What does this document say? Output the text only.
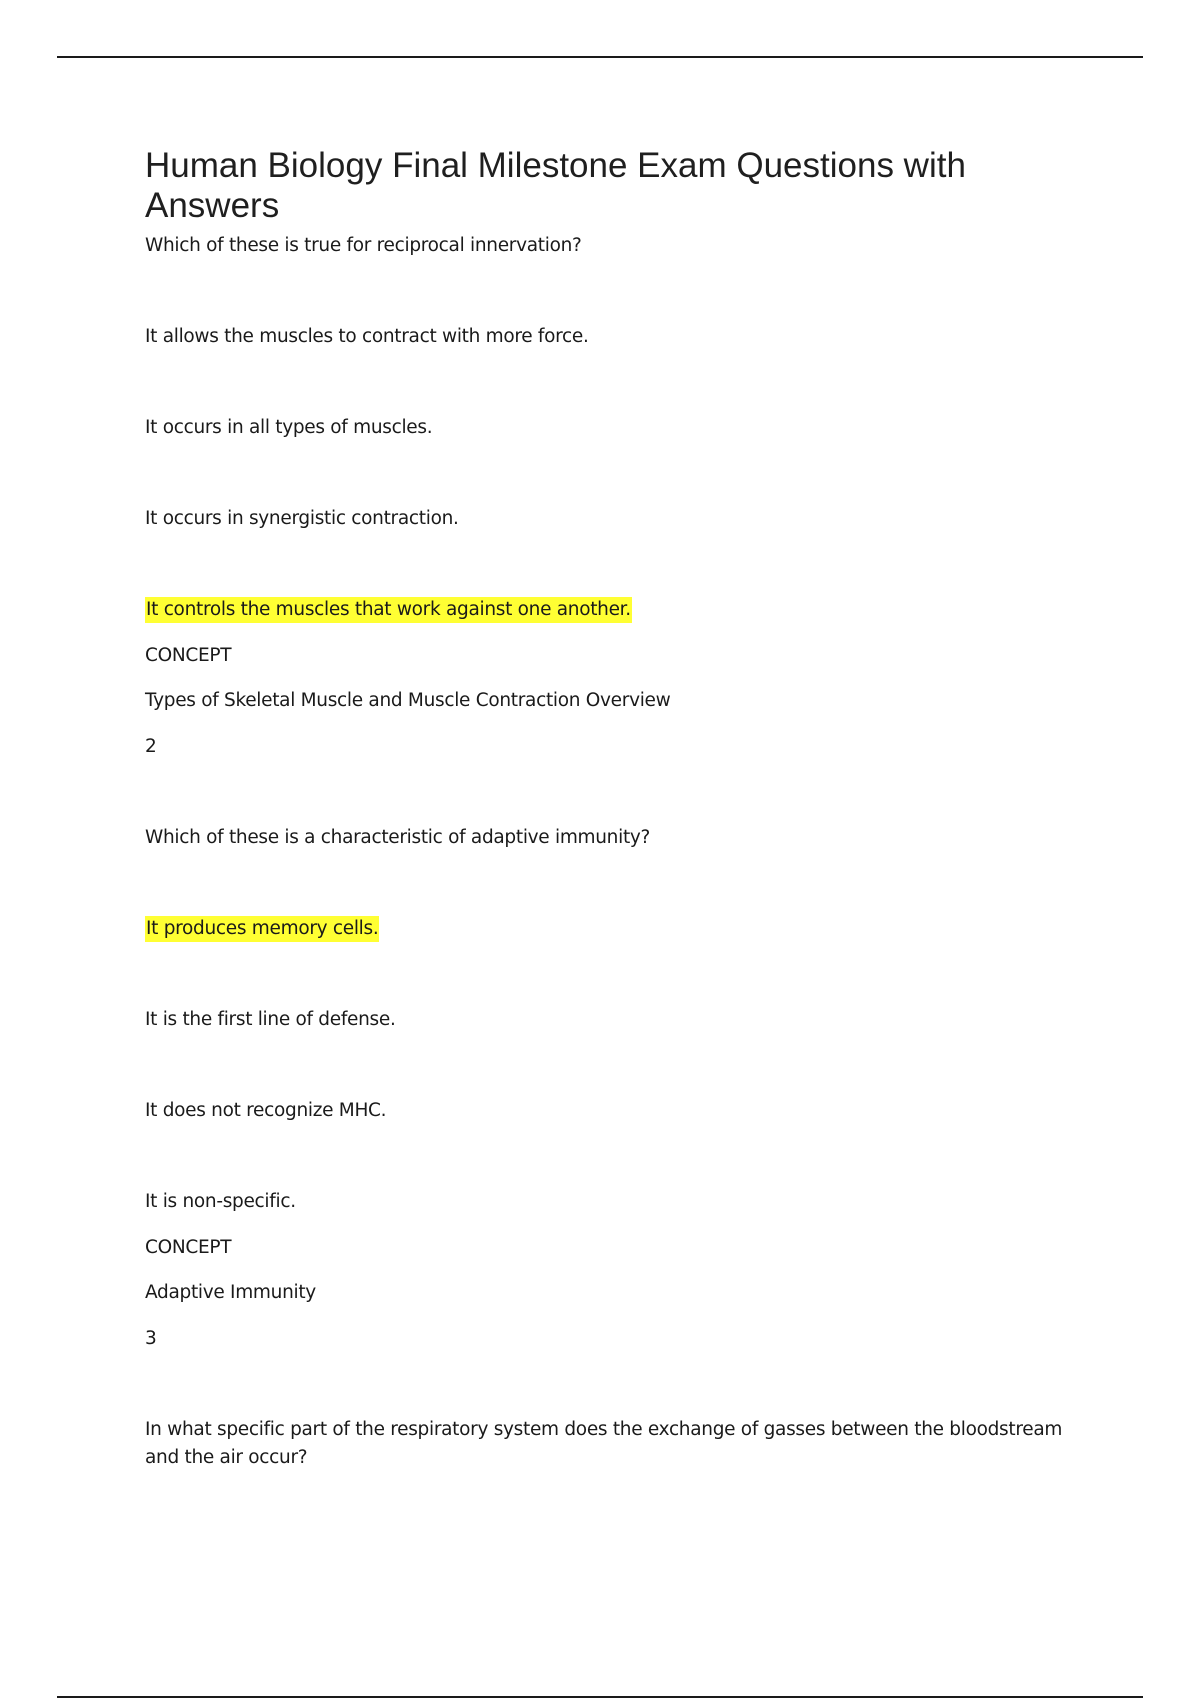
Human Biology Final Milestone Exam Questions with Answers

Which of these is true for reciprocal innervation?

It allows the muscles to contract with more force.

It occurs in all types of muscles.

It occurs in synergistic contraction.

It controls the muscles that work against one another.

CONCEPT

Types of Skeletal Muscle and Muscle Contraction Overview

2

Which of these is a characteristic of adaptive immunity?

It produces memory cells.

It is the first line of defense.

It does not recognize MHC.

It is non-specific.

CONCEPT

Adaptive Immunity

3

In what specific part of the respiratory system does the exchange of gasses between the bloodstream and the air occur?
